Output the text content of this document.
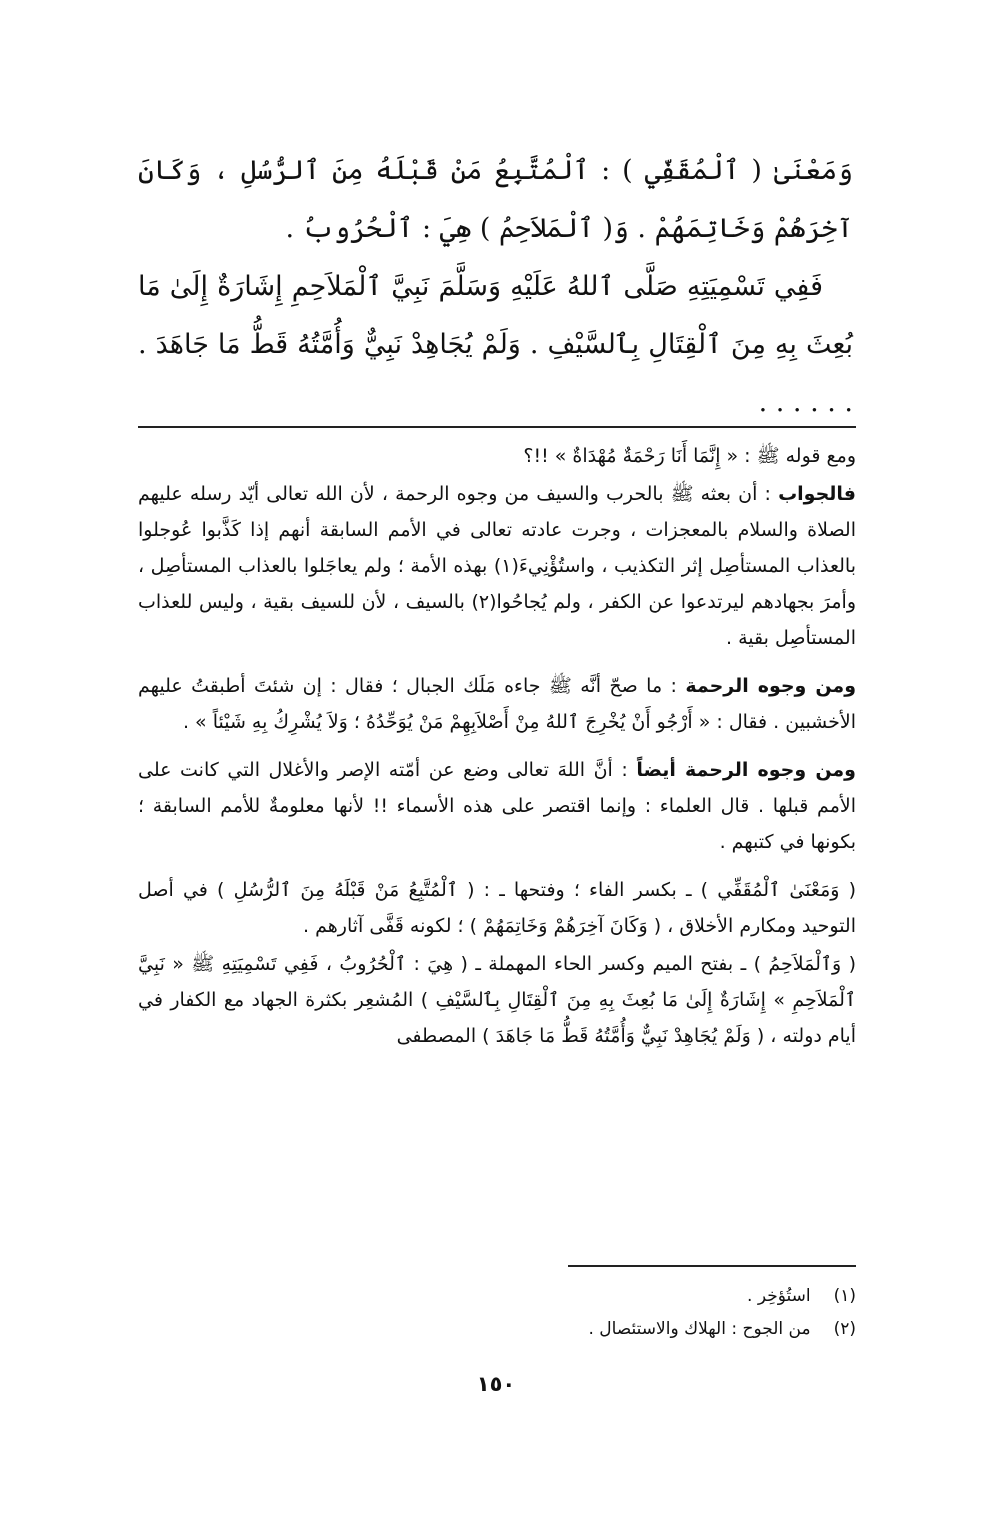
وَمَعْنَىٰ ( ٱلْمُقَفِّي ) : ٱلْمُتَّبِعُ مَنْ قَبْلَهُ مِنَ ٱلرُّسُلِ ، وَكَانَ آخِرَهُمْ وَخَاتِمَهُمْ . وَ( ٱلْمَلاَحِمُ ) هِيَ : ٱلْحُرُوبُ .

فَفِي تَسْمِيَتِهِ صَلَّى ٱللهُ عَلَيْهِ وَسَلَّمَ نَبِيَّ ٱلْمَلاَحِمِ إِشَارَةٌ إِلَىٰ مَا بُعِثَ بِهِ مِنَ ٱلْقِتَالِ بِٱلسَّيْفِ . وَلَمْ يُجَاهِدْ نَبِيٌّ وَأُمَّتُهُ قَطُّ مَا جَاهَدَ . . . . . . .

ومع قوله ﷺ : « إِنَّمَا أَنَا رَحْمَةٌ مُهْدَاةٌ » !!؟

فالجواب : أن بعثه ﷺ بالحرب والسيف من وجوه الرحمة ، لأن الله تعالى أيّد رسله عليهم الصلاة والسلام بالمعجزات ، وجرت عادته تعالى في الأمم السابقة أنهم إذا كَذَّبوا عُوجلوا بالعذاب المستأصِل إثر التكذيب ، واستُؤْنِيءَ(١) بهذه الأمة ؛ ولم يعاجَلوا بالعذاب المستأصِل ، وأمرَ بجهادهم ليرتدعوا عن الكفر ، ولم يُجاحُوا(٢) بالسيف ، لأن للسيف بقية ، وليس للعذاب المستأصِل بقية .

ومن وجوه الرحمة : ما صحّ أنَّه ﷺ جاءه مَلَك الجبال ؛ فقال : إن شئتَ أطبقتُ عليهم الأخشبين . فقال : « أَرْجُو أَنْ يُخْرِجَ ٱللهُ مِنْ أَصْلاَبِهِمْ مَنْ يُوَحِّدُهُ ؛ وَلاَ يُشْرِكُ بِهِ شَيْئاً » .

ومن وجوه الرحمة أيضاً : أنَّ اللهَ تعالى وضع عن أمّته الإصر والأغلال التي كانت على الأمم قبلها . قال العلماء : وإنما اقتصر على هذه الأسماء !! لأنها معلومةٌ للأمم السابقة ؛ بكونها في كتبهم .

( وَمَعْنَىٰ ٱلْمُقَفِّي ) ـ بكسر الفاء ؛ وفتحها ـ : ( ٱلْمُتَّبِعُ مَنْ قَبْلَهُ مِنَ ٱلرُّسُلِ ) في أصل التوحيد ومكارم الأخلاق ، ( وَكَانَ آخِرَهُمْ وَخَاتِمَهُمْ ) ؛ لكونه قَفَّى آثارهم .

( وَٱلْمَلاَحِمُ ) ـ بفتح الميم وكسر الحاء المهملة ـ ( هِيَ : ٱلْحُرُوبُ ، فَفِي تَسْمِيَتِهِ ﷺ « نَبِيَّ ٱلْمَلاَحِمِ » إِشَارَةٌ إِلَىٰ مَا بُعِثَ بِهِ مِنَ ٱلْقِتَالِ بِٱلسَّيْفِ ) المُشعِر بكثرة الجهاد مع الكفار في أيام دولته ، ( وَلَمْ يُجَاهِدْ نَبِيٌّ وَأُمَّتُهُ قَطُّ مَا جَاهَدَ ) المصطفى

(١) استُؤخِر .
(٢) من الجوح : الهلاك والاستئصال .
١٥٠
